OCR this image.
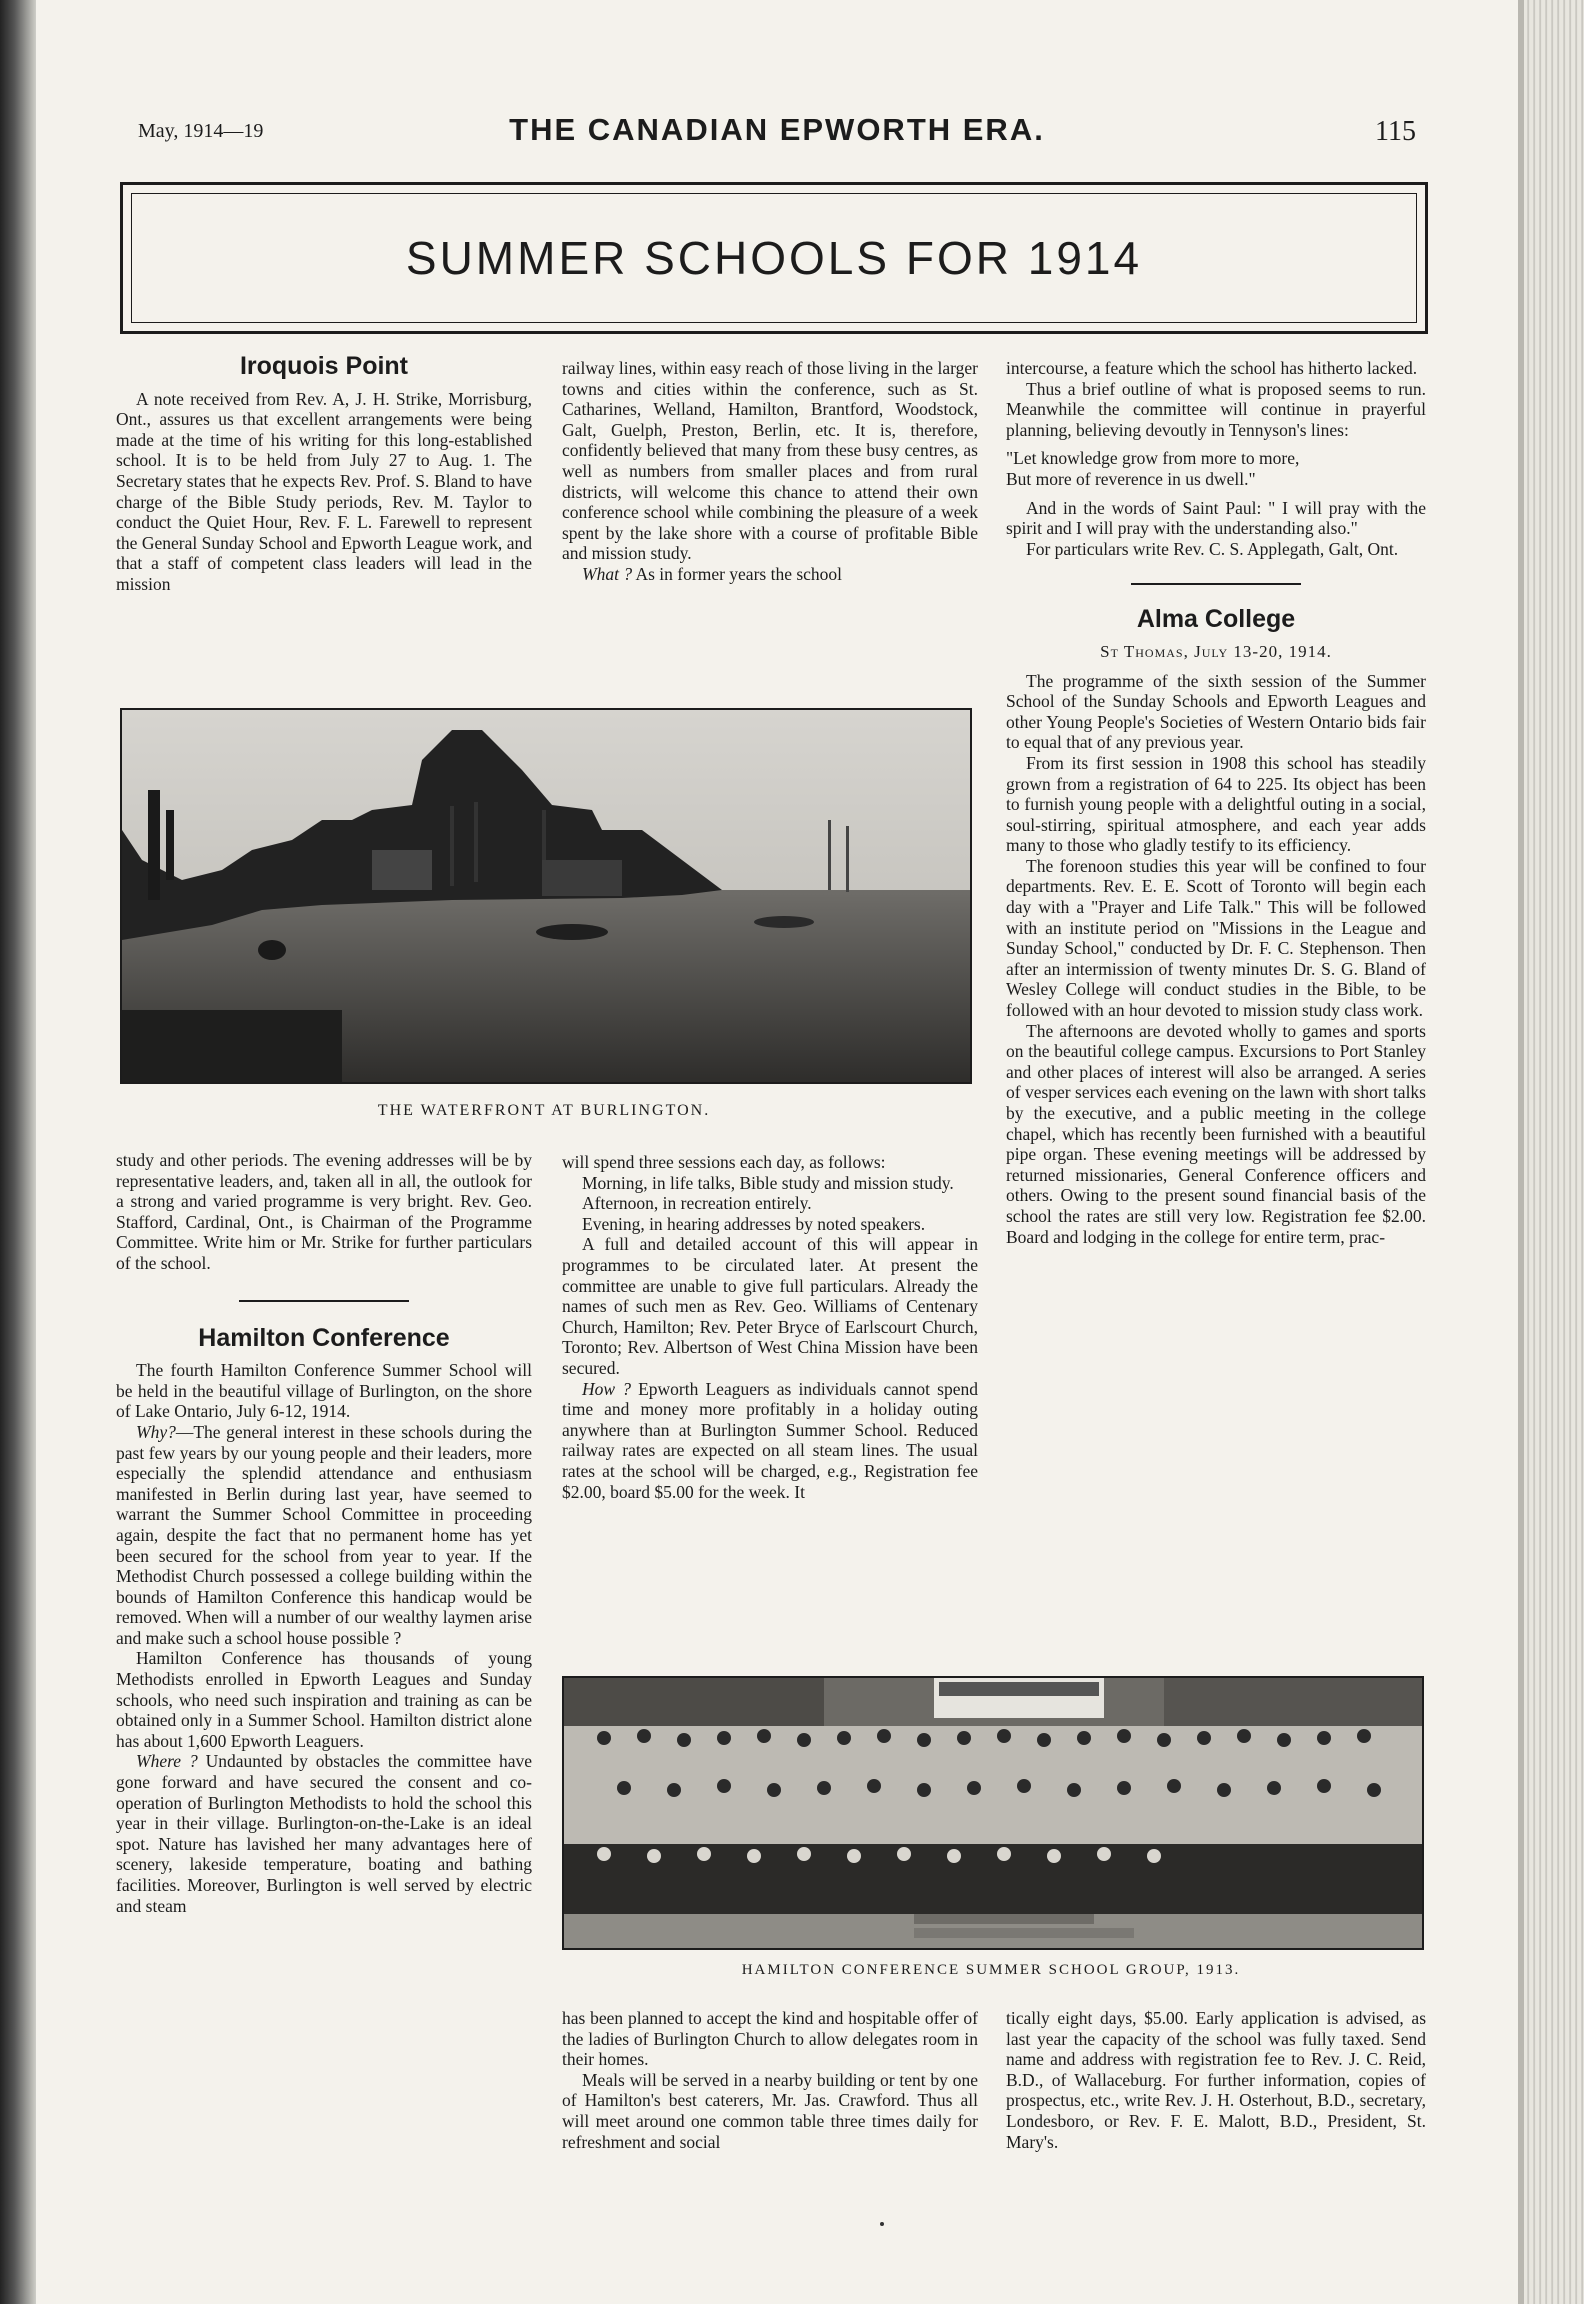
May, 1914—19	THE CANADIAN EPWORTH ERA.	115
SUMMER SCHOOLS FOR 1914
Iroquois Point

A note received from Rev. A, J. H. Strike, Morrisburg, Ont., assures us that excellent arrangements were being made at the time of his writing for this long-established school. It is to be held from July 27 to Aug. 1. The Secretary states that he expects Rev. Prof. S. Bland to have charge of the Bible Study periods, Rev. M. Taylor to conduct the Quiet Hour, Rev. F. L. Farewell to represent the General Sunday School and Epworth League work, and that a staff of competent class leaders will lead in the mission

railway lines, within easy reach of those living in the larger towns and cities within the conference, such as St. Catharines, Welland, Hamilton, Brantford, Woodstock, Galt, Guelph, Preston, Berlin, etc. It is, therefore, confidently believed that many from these busy centres, as well as numbers from smaller places and from rural districts, will welcome this chance to attend their own conference school while combining the pleasure of a week spent by the lake shore with a course of profitable Bible and mission study.

What ? As in former years the school

intercourse, a feature which the school has hitherto lacked.

Thus a brief outline of what is proposed seems to run. Meanwhile the committee will continue in prayerful planning, believing devoutly in Tennyson's lines:

"Let knowledge grow from more to more,
But more of reverence in us dwell."

And in the words of Saint Paul: " I will pray with the spirit and I will pray with the understanding also."

For particulars write Rev. C. S. Applegath, Galt, Ont.

Alma College
St Thomas, July 13-20, 1914.

The programme of the sixth session of the Summer School of the Sunday Schools and Epworth Leagues and other Young People's Societies of Western Ontario bids fair to equal that of any previous year.

From its first session in 1908 this school has steadily grown from a registration of 64 to 225. Its object has been to furnish young people with a delightful outing in a social, soul-stirring, spiritual atmosphere, and each year adds many to those who gladly testify to its efficiency.

The forenoon studies this year will be confined to four departments. Rev. E. E. Scott of Toronto will begin each day with a "Prayer and Life Talk." This will be followed with an institute period on "Missions in the League and Sunday School," conducted by Dr. F. C. Stephenson. Then after an intermission of twenty minutes Dr. S. G. Bland of Wesley College will conduct studies in the Bible, to be followed with an hour devoted to mission study class work.

The afternoons are devoted wholly to games and sports on the beautiful college campus. Excursions to Port Stanley and other places of interest will also be arranged. A series of vesper services each evening on the lawn with short talks by the executive, and a public meeting in the college chapel, which has recently been furnished with a beautiful pipe organ. These evening meetings will be addressed by returned missionaries, General Conference officers and others. Owing to the present sound financial basis of the school the rates are still very low. Registration fee $2.00. Board and lodging in the college for entire term, prac-

THE WATERFRONT AT BURLINGTON.

study and other periods. The evening addresses will be by representative leaders, and, taken all in all, the outlook for a strong and varied programme is very bright. Rev. Geo. Stafford, Cardinal, Ont., is Chairman of the Programme Committee. Write him or Mr. Strike for further particulars of the school.

Hamilton Conference

The fourth Hamilton Conference Summer School will be held in the beautiful village of Burlington, on the shore of Lake Ontario, July 6-12, 1914.

Why?—The general interest in these schools during the past few years by our young people and their leaders, more especially the splendid attendance and enthusiasm manifested in Berlin during last year, have seemed to warrant the Summer School Committee in proceeding again, despite the fact that no permanent home has yet been secured for the school from year to year. If the Methodist Church possessed a college building within the bounds of Hamilton Conference this handicap would be removed. When will a number of our wealthy laymen arise and make such a school house possible ?

Hamilton Conference has thousands of young Methodists enrolled in Epworth Leagues and Sunday schools, who need such inspiration and training as can be obtained only in a Summer School. Hamilton district alone has about 1,600 Epworth Leaguers.

Where ? Undaunted by obstacles the committee have gone forward and have secured the consent and co-operation of Burlington Methodists to hold the school this year in their village. Burlington-on-the-Lake is an ideal spot. Nature has lavished her many advantages here of scenery, lakeside temperature, boating and bathing facilities. Moreover, Burlington is well served by electric and steam

will spend three sessions each day, as follows:

Morning, in life talks, Bible study and mission study.

Afternoon, in recreation entirely.

Evening, in hearing addresses by noted speakers.

A full and detailed account of this will appear in programmes to be circulated later. At present the committee are unable to give full particulars. Already the names of such men as Rev. Geo. Williams of Centenary Church, Hamilton; Rev. Peter Bryce of Earlscourt Church, Toronto; Rev. Albertson of West China Mission have been secured.

How ? Epworth Leaguers as individuals cannot spend time and money more profitably in a holiday outing anywhere than at Burlington Summer School. Reduced railway rates are expected on all steam lines. The usual rates at the school will be charged, e.g., Registration fee $2.00, board $5.00 for the week. It

HAMILTON CONFERENCE SUMMER SCHOOL GROUP, 1913.

has been planned to accept the kind and hospitable offer of the ladies of Burlington Church to allow delegates room in their homes.

Meals will be served in a nearby building or tent by one of Hamilton's best caterers, Mr. Jas. Crawford. Thus all will meet around one common table three times daily for refreshment and social

tically eight days, $5.00. Early application is advised, as last year the capacity of the school was fully taxed. Send name and address with registration fee to Rev. J. C. Reid, B.D., of Wallaceburg. For further information, copies of prospectus, etc., write Rev. J. H. Osterhout, B.D., secretary, Londesboro, or Rev. F. E. Malott, B.D., President, St. Mary's.
